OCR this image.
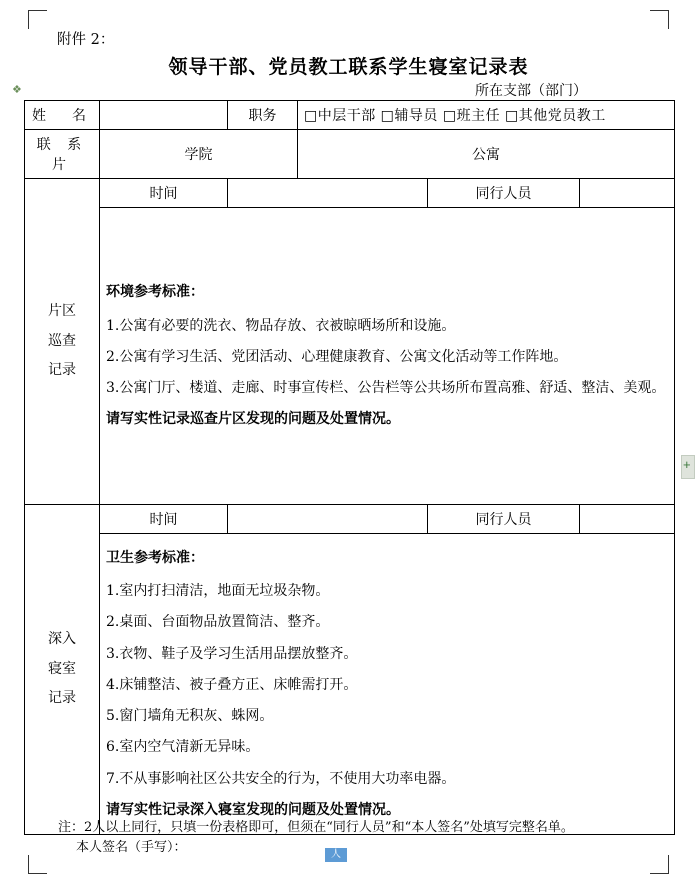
❖
+
附件 2：
领导干部、党员教工联系学生寝室记录表
所在支部（部门）
姓　名		职务	□中层干部 □辅导员 □班主任 □其他党员教工		
联 系 片	学院		公寓		

片区
巡查
记录	时间			同行人员	

	环境参考标准：

1.公寓有必要的洗衣、物品存放、衣被晾晒场所和设施。

2.公寓有学习生活、党团活动、心理健康教育、公寓文化活动等工作阵地。

3.公寓门厅、楼道、走廊、时事宣传栏、公告栏等公共场所布置高雅、舒适、整洁、美观。

请写实性记录巡查片区发现的问题及处置情况。				

深入
寝室
记录	时间			同行人员	

卫生参考标准：

1.室内打扫清洁，地面无垃圾杂物。

2.桌面、台面物品放置简洁、整齐。

3.衣物、鞋子及学习生活用品摆放整齐。

4.床铺整洁、被子叠方正、床帷需打开。

5.窗门墙角无积灰、蛛网。

6.室内空气清新无异味。

7.不从事影响社区公共安全的行为，不使用大功率电器。

请写实性记录深入寝室发现的问题及处置情况。

注：2人以上同行，只填一份表格即可，但须在“同行人员”和“本人签名”处填写完整名单。
本人签名（手写）：	人 员
